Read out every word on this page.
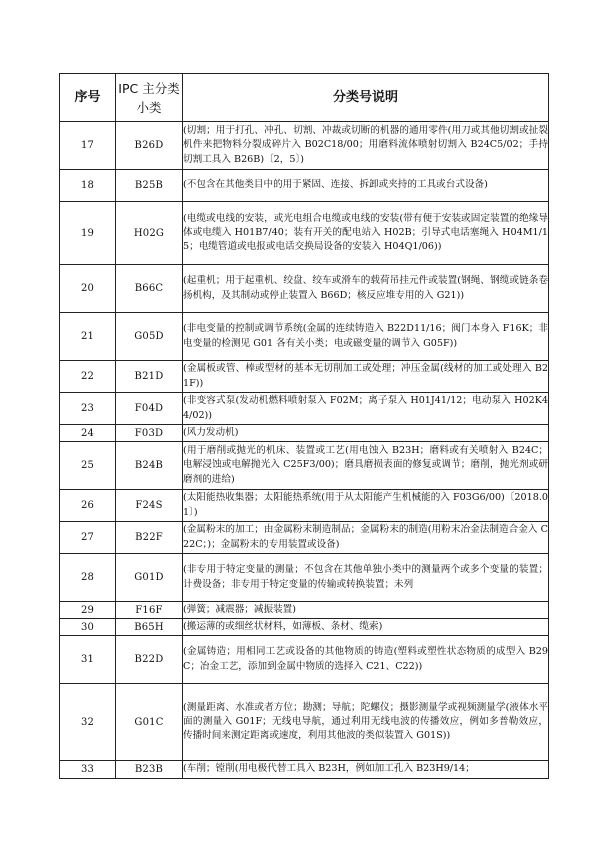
序号	IPC 主分类小类	分类号说明
17	B26D	(切割；用于打孔、冲孔、切割、冲裁或切断的机器的通用零件(用刀或其他切割或扯裂机件来把物料分裂成碎片入 B02C18/00；用磨料流体喷射切割入 B24C5/02；手持切割工具入 B26B)〔2，5〕)
18	B25B	(不包含在其他类目中的用于紧固、连接、拆卸或夹持的工具或台式设备)
19	H02G	(电缆或电线的安装，或光电组合电缆或电线的安装(带有便于安装或固定装置的绝缘导体或电缆入 H01B7/40；装有开关的配电站入 H02B；引导式电话塞绳入 H04M1/15；电缆管道或电报或电话交换局设备的安装入 H04Q1/06))
20	B66C	(起重机；用于起重机、绞盘、绞车或滑车的载荷吊挂元件或装置(钢绳、钢缆或链条卷扬机构，及其制动或停止装置入 B66D；核反应堆专用的入 G21))
21	G05D	(非电变量的控制或调节系统(金属的连续铸造入 B22D11/16；阀门本身入 F16K；非电变量的检测见 G01 各有关小类；电或磁变量的调节入 G05F))
22	B21D	(金属板或管、棒或型材的基本无切削加工或处理；冲压金属(线材的加工或处理入 B21F))
23	F04D	(非变容式泵(发动机燃料喷射泵入 F02M；离子泵入 H01J41/12；电动泵入 H02K44/02))
24	F03D	(风力发动机)
25	B24B	(用于磨削或抛光的机床、装置或工艺(用电蚀入 B23H；磨料或有关喷射入 B24C；电解浸蚀或电解抛光入 C25F3/00)；磨具磨损表面的修复或调节；磨削，抛光剂或研磨剂的进给)
26	F24S	(太阳能热收集器；太阳能热系统(用于从太阳能产生机械能的入 F03G6/00)〔2018.01〕)
27	B22F	(金属粉末的加工；由金属粉末制造制品；金属粉末的制造(用粉末冶金法制造合金入 C22C；)；金属粉末的专用装置或设备)
28	G01D	(非专用于特定变量的测量；不包含在其他单独小类中的测量两个或多个变量的装置；计费设备；非专用于特定变量的传输或转换装置；未列
29	F16F	(弹簧；减震器；减振装置)
30	B65H	(搬运薄的或细丝状材料，如薄板、条材、缆索)
31	B22D	(金属铸造；用相同工艺或设备的其他物质的铸造(塑料或塑性状态物质的成型入 B29C；冶金工艺，添加到金属中物质的选择入 C21、C22))
32	G01C	(测量距离、水准或者方位；勘测；导航；陀螺仪；摄影测量学或视频测量学(液体水平面的测量入 G01F；无线电导航，通过利用无线电波的传播效应，例如多普勒效应，传播时间来测定距离或速度，利用其他波的类似装置入 G01S))
33	B23B	(车削；镗削(用电极代替工具入 B23H，例如加工孔入 B23H9/14；
